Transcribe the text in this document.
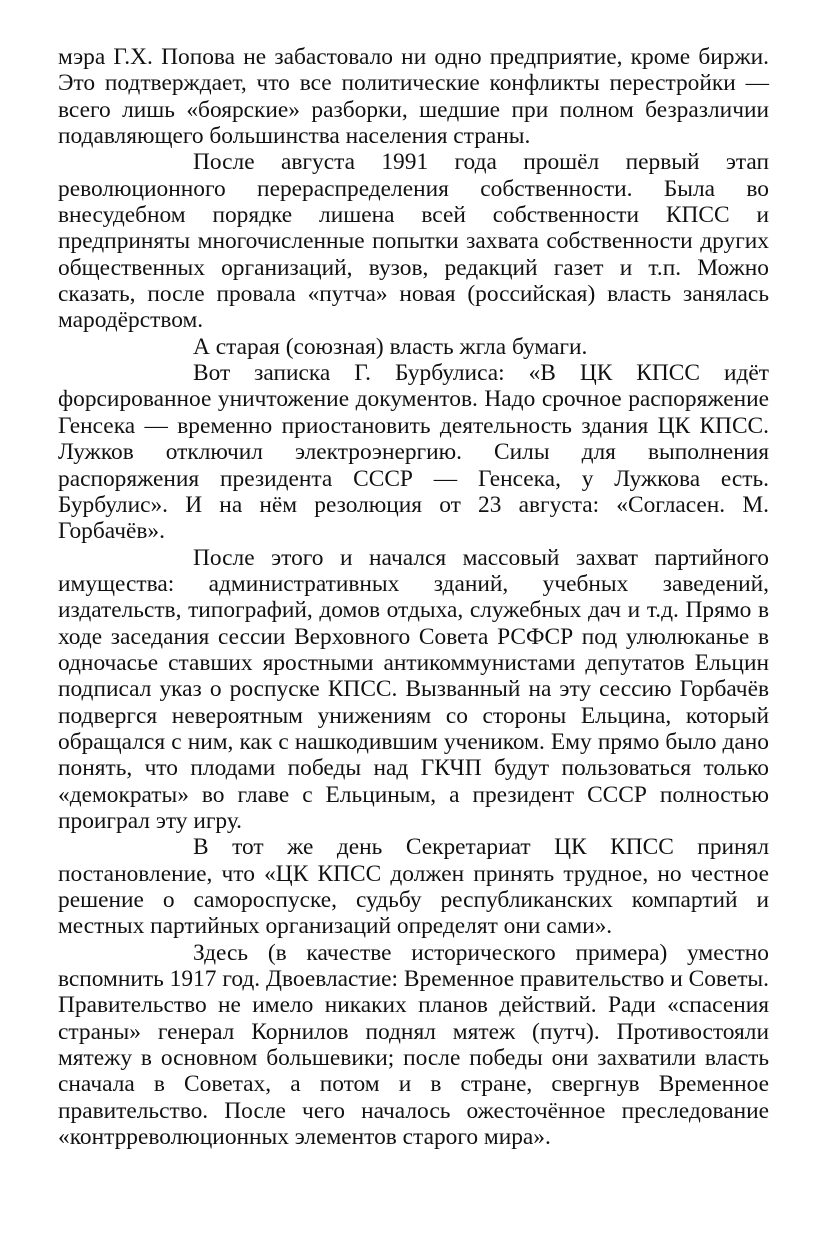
мэра Г.Х. Попова не забастовало ни одно предприятие, кроме биржи. Это подтверждает, что все политические конфликты перестройки — всего лишь «боярские» разборки, шедшие при полном безразличии подавляющего большинства населения страны.

После августа 1991 года прошёл первый этап революционного перераспределения собственности. Была во внесудебном порядке лишена всей собственности КПСС и предприняты многочисленные попытки захвата собственности других общественных организаций, вузов, редакций газет и т.п. Можно сказать, после провала «путча» новая (российская) власть занялась мародёрством.

А старая (союзная) власть жгла бумаги.

Вот записка Г. Бурбулиса: «В ЦК КПСС идёт форсированное уничтожение документов. Надо срочное распоряжение Генсека — временно приостановить деятельность здания ЦК КПСС. Лужков отключил электроэнергию. Силы для выполнения распоряжения президента СССР — Генсека, у Лужкова есть. Бурбулис». И на нём резолюция от 23 августа: «Согласен. М. Горбачёв».

После этого и начался массовый захват партийного имущества: административных зданий, учебных заведений, издательств, типографий, домов отдыха, служебных дач и т.д. Прямо в ходе заседания сессии Верховного Совета РСФСР под улюлюканье в одночасье ставших яростными антикоммунистами депутатов Ельцин подписал указ о роспуске КПСС. Вызванный на эту сессию Горбачёв подвергся невероятным унижениям со стороны Ельцина, который обращался с ним, как с нашкодившим учеником. Ему прямо было дано понять, что плодами победы над ГКЧП будут пользоваться только «демократы» во главе с Ельциным, а президент СССР полностью проиграл эту игру.

В тот же день Секретариат ЦК КПСС принял постановление, что «ЦК КПСС должен принять трудное, но честное решение о самороспуске, судьбу республиканских компартий и местных партийных организаций определят они сами».

Здесь (в качестве исторического примера) уместно вспомнить 1917 год. Двоевластие: Временное правительство и Советы. Правительство не имело никаких планов действий. Ради «спасения страны» генерал Корнилов поднял мятеж (путч). Противостояли мятежу в основном большевики; после победы они захватили власть сначала в Советах, а потом и в стране, свергнув Временное правительство. После чего началось ожесточённое преследование «контрреволюционных элементов старого мира».
